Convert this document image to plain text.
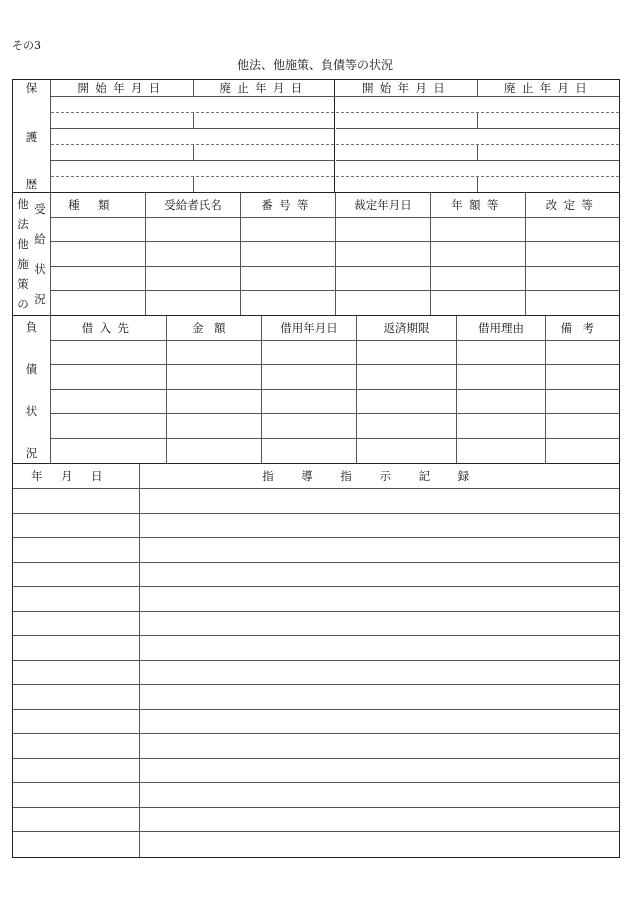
その3
他法、他施策、負債等の状況
保
護
歴
開始年月日	廃止年月日	開始年月日	廃止年月日
他
法
他
施
策
の
受
給
状
況
種類	受給者氏名	番号等	裁定年月日	年額等	改定等
負
債
状
況
借入先	金額	借用年月日	返済期限	借用理由	備考
年月日	指導指示記録
